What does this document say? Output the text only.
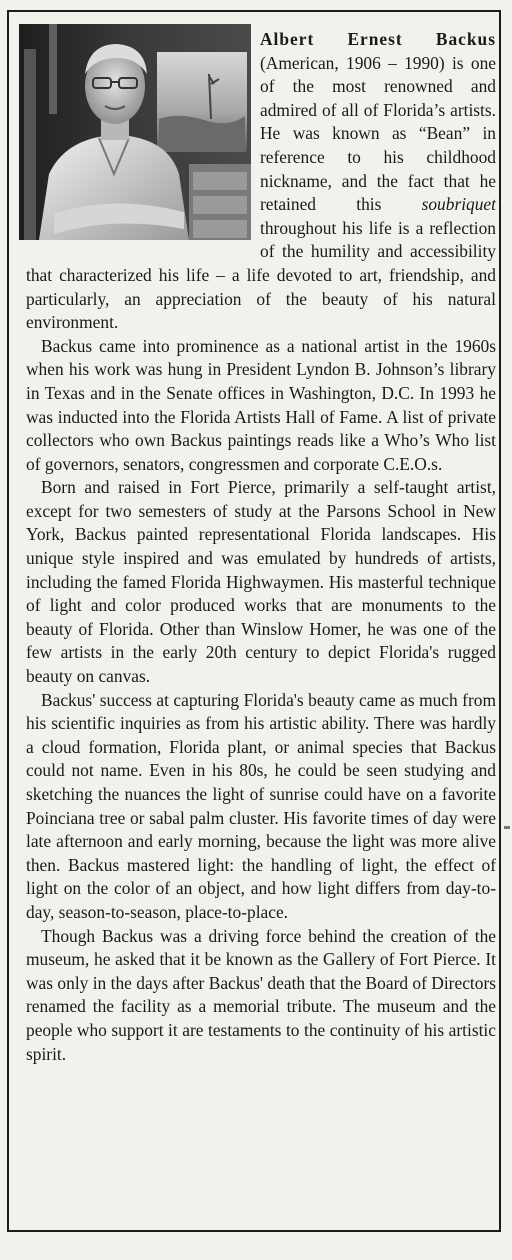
Albert Ernest Backus (American, 1906 – 1990) is one of the most renowned and admired of all of Florida’s artists. He was known as “Bean” in reference to his childhood nickname, and the fact that he retained this soubriquet throughout his life is a reflection of the humility and accessibility that characterized his life – a life devoted to art, friendship, and particularly, an appreciation of the beauty of his natural environment.

Backus came into prominence as a national artist in the 1960s when his work was hung in President Lyndon B. Johnson’s library in Texas and in the Senate offices in Washington, D.C. In 1993 he was inducted into the Florida Artists Hall of Fame. A list of private collectors who own Backus paintings reads like a Who’s Who list of governors, senators, congressmen and corporate C.E.O.s.

Born and raised in Fort Pierce, primarily a self-taught artist, except for two semesters of study at the Parsons School in New York, Backus painted representational Florida landscapes. His unique style inspired and was emulated by hundreds of artists, including the famed Florida Highwaymen. His masterful technique of light and color produced works that are monuments to the beauty of Florida. Other than Winslow Homer, he was one of the few artists in the early 20th century to depict Florida's rugged beauty on canvas.

Backus' success at capturing Florida's beauty came as much from his scientific inquiries as from his artistic ability. There was hardly a cloud formation, Florida plant, or animal species that Backus could not name. Even in his 80s, he could be seen studying and sketching the nuances the light of sunrise could have on a favorite Poinciana tree or sabal palm cluster. His favorite times of day were late afternoon and early morning, because the light was more alive then. Backus mastered light: the handling of light, the effect of light on the color of an object, and how light differs from day-to-day, season-to-season, place-to-place.

Though Backus was a driving force behind the creation of the museum, he asked that it be known as the Gallery of Fort Pierce. It was only in the days after Backus' death that the Board of Directors renamed the facility as a memorial tribute. The museum and the people who support it are testaments to the continuity of his artistic spirit.
